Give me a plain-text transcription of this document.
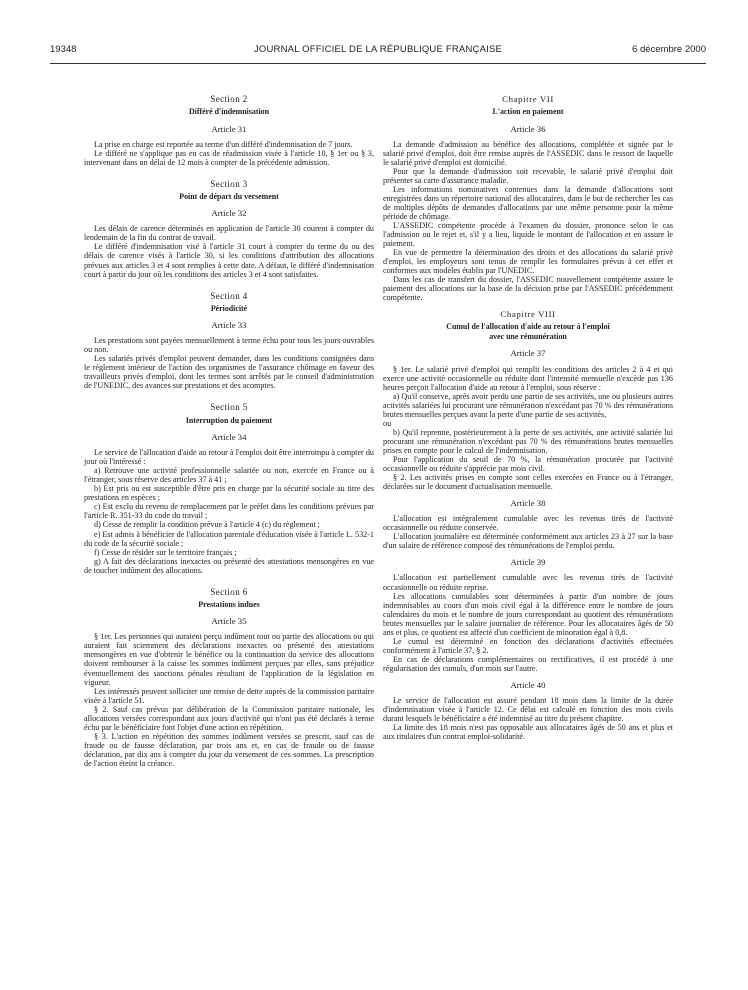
19348	JOURNAL OFFICIEL DE LA RÉPUBLIQUE FRANÇAISE	6 décembre 2000
Section 2
Différé d'indemnisation
Article 31

La prise en charge est reportée au terme d'un différé d'indemnisation de 7 jours.

Le différé ne s'applique pas en cas de réadmission visée à l'article 10, § 1er ou § 3, intervenant dans un délai de 12 mois à compter de la précédente admission.

Section 3
Point de départ du versement
Article 32

Les délais de carence déterminés en application de l'article 30 courent à compter du lendemain de la fin du contrat de travail.

Le différé d'indemnisation visé à l'article 31 court à compter du terme du ou des délais de carence visés à l'article 30, si les conditions d'attribution des allocations prévues aux articles 3 et 4 sont remplies à cette date. A défaut, le différé d'indemnisation court à partir du jour où les conditions des articles 3 et 4 sont satisfaites.

Section 4
Périodicité
Article 33

Les prestations sont payées mensuellement à terme échu pour tous les jours ouvrables ou non.

Les salariés privés d'emploi peuvent demander, dans les conditions consignées dans le règlement intérieur de l'action des organismes de l'assurance chômage en faveur des travailleurs privés d'emploi, dont les termes sont arrêtés par le conseil d'administration de l'UNEDIC, des avances sur prestations et des acomptes.

Section 5
Interruption du paiement
Article 34

Le service de l'allocation d'aide au retour à l'emploi doit être interrompu à compter du jour où l'intéressé :

a) Retrouve une activité professionnelle salariée ou non, exercée en France ou à l'étranger, sous réserve des articles 37 à 41 ;

b) Est pris ou est susceptible d'être pris en charge par la sécurité sociale au titre des prestations en espèces ;

c) Est exclu du revenu de remplacement par le préfet dans les conditions prévues par l'article R. 351-33 du code du travail ;

d) Cesse de remplir la condition prévue à l'article 4 (c) du règlement ;

e) Est admis à bénéficier de l'allocation parentale d'éducation visée à l'article L. 532-1 du code de la sécurité sociale ;

f) Cesse de résider sur le territoire français ;

g) A fait des déclarations inexactes ou présenté des attestations mensongères en vue de toucher indûment des allocations.

Section 6
Prestations indues
Article 35

§ 1er. Les personnes qui auraient perçu indûment tout ou partie des allocations ou qui auraient fait sciemment des déclarations inexactes ou présenté des attestations mensongères en vue d'obtenir le bénéfice ou la continuation du service des allocations doivent rembourser à la caisse les sommes indûment perçues par elles, sans préjudice éventuellement des sanctions pénales résultant de l'application de la législation en vigueur.

Les intéressés peuvent solliciter une remise de dette auprès de la commission paritaire visée à l'article 51.

§ 2. Sauf cas prévus par délibération de la Commission paritaire nationale, les allocations versées correspondant aux jours d'activité qui n'ont pas été déclarés à terme échu par le bénéficiaire font l'objet d'une action en répétition.

§ 3. L'action en répétition des sommes indûment versées se prescrit, sauf cas de fraude ou de fausse déclaration, par trois ans et, en cas de fraude ou de fausse déclaration, par dix ans à compter du jour du versement de ces sommes. La prescription de l'action éteint la créance.

Chapitre VII
L'action en paiement
Article 36

La demande d'admission au bénéfice des allocations, complétée et signée par le salarié privé d'emploi, doit être remise auprès de l'ASSEDIC dans le ressort de laquelle le salarié privé d'emploi est domicilié.

Pour que la demande d'admission soit recevable, le salarié privé d'emploi doit présenter sa carte d'assurance maladie.

Les informations nominatives contenues dans la demande d'allocations sont enregistrées dans un répertoire national des allocataires, dans le but de rechercher les cas de multiples dépôts de demandes d'allocations par une même personne pour la même période de chômage.

L'ASSEDIC compétente procède à l'examen du dossier, prononce selon le cas l'admission ou le rejet et, s'il y a lieu, liquide le montant de l'allocation et en assure le paiement.

En vue de permettre la détermination des droits et des allocations du salarié privé d'emploi, les employeurs sont tenus de remplir les formulaires prévus à cet effet et conformes aux modèles établis par l'UNEDIC.

Dans les cas de transfert du dossier, l'ASSEDIC nouvellement compétente assure le paiement des allocations sur la base de la décision prise par l'ASSEDIC précédemment compétente.

Chapitre VIII
Cumul de l'allocation d'aide au retour à l'emploi
avec une rémunération
Article 37

§ 1er. Le salarié privé d'emploi qui remplit les conditions des articles 2 à 4 et qui exerce une activité occasionnelle ou réduite dont l'intensité mensuelle n'excède pas 136 heures perçoit l'allocation d'aide au retour à l'emploi, sous réserve :

a) Qu'il conserve, après avoir perdu une partie de ses activités, une ou plusieurs autres activités salariées lui procurant une rémunération n'excédant pas 70 % des rémunérations brutes mensuelles perçues avant la perte d'une partie de ses activités,

ou

b) Qu'il reprenne, postérieurement à la perte de ses activités, une activité salariée lui procurant une rémunération n'excédant pas 70 % des rémunérations brutes mensuelles prises en compte pour le calcul de l'indemnisation.

Pour l'application du seuil de 70 %, la rémunération procurée par l'activité occasionnelle ou réduite s'apprécie par mois civil.

§ 2. Les activités prises en compte sont celles exercées en France ou à l'étranger, déclarées sur le document d'actualisation mensuelle.

Article 38

L'allocation est intégralement cumulable avec les revenus tirés de l'activité occasionnelle ou réduite conservée.

L'allocation journalière est déterminée conformément aux articles 23 à 27 sur la base d'un salaire de référence composé des rémunérations de l'emploi perdu.

Article 39

L'allocation est partiellement cumulable avec les revenus tirés de l'activité occasionnelle ou réduite reprise.

Les allocations cumulables sont déterminées à partir d'un nombre de jours indemnisables au cours d'un mois civil égal à la différence entre le nombre de jours calendaires du mois et le nombre de jours correspondant au quotient des rémunérations brutes mensuelles par le salaire journalier de référence. Pour les allocataires âgés de 50 ans et plus, ce quotient est affecté d'un coefficient de minoration égal à 0,8.

Le cumul est déterminé en fonction des déclarations d'activités effectuées conformément à l'article 37, § 2.

En cas de déclarations complémentaires ou rectificatives, il est procédé à une régularisation des cumuls, d'un mois sur l'autre.

Article 40

Le service de l'allocation est assuré pendant 18 mois dans la limite de la durée d'indemnisation visée à l'article 12. Ce délai est calculé en fonction des mois civils durant lesquels le bénéficiaire a été indemnisé au titre du présent chapitre.

La limite des 18 mois n'est pas opposable aux allocataires âgés de 50 ans et plus et aux titulaires d'un contrat emploi-solidarité.
